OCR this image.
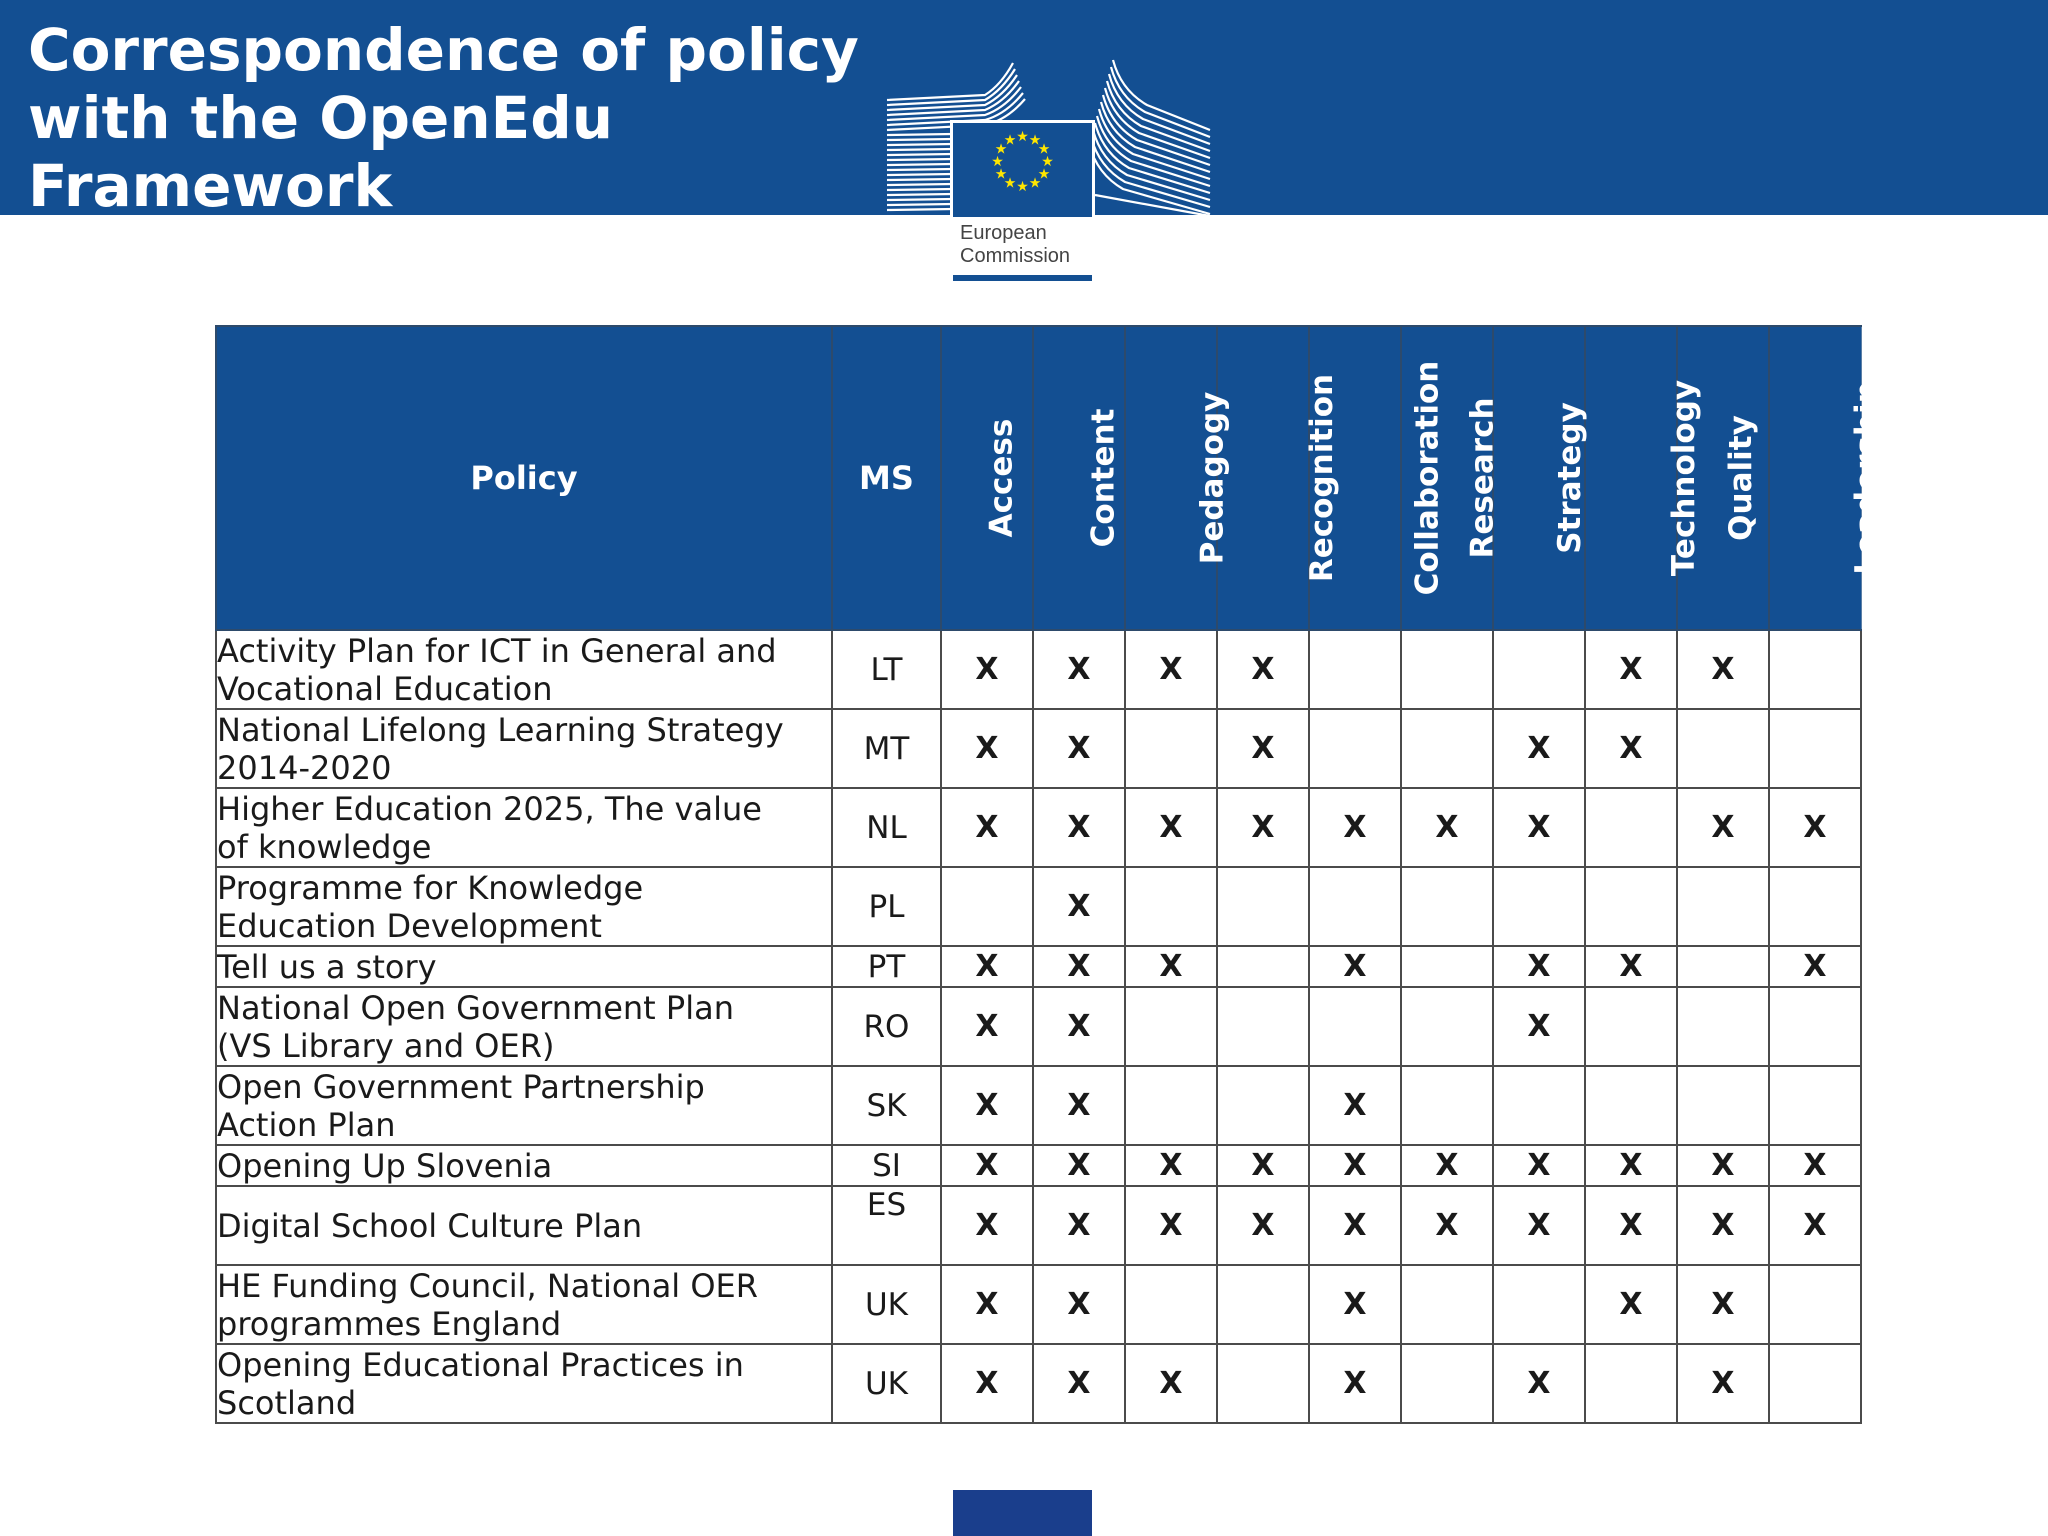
Correspondence of policy
with the OpenEdu
Framework
★ ★
★
★
★
★
★
★
★
★
★
★
European
Commission
Policy	MS	Access	Content	Pedagogy	Recognition	Collaboration	Research	Strategy	Technology	Quality	Leadership

Activity Plan for ICT in General and
Vocational Education	LT	X	X	X	X				X	X	

National Lifelong Learning Strategy
2014-2020	MT	X	X		X			X	X		

Higher Education 2025, The value
of knowledge	NL	X	X	X	X	X	X	X		X	X

Programme for Knowledge
Education Development	PL		X								

Tell us a story	PT	X	X	X		X		X	X		X

National Open Government Plan
(VS Library and OER)	RO	X	X					X			

Open Government Partnership
Action Plan	SK	X	X			X					

Opening Up Slovenia	SI	X	X	X	X	X	X	X	X	X	X

Digital School Culture Plan	ES	X	X	X	X	X	X	X	X	X	X

HE Funding Council, National OER
programmes England	UK	X	X			X			X	X	

Opening Educational Practices in
Scotland	UK	X	X	X		X		X		X	
